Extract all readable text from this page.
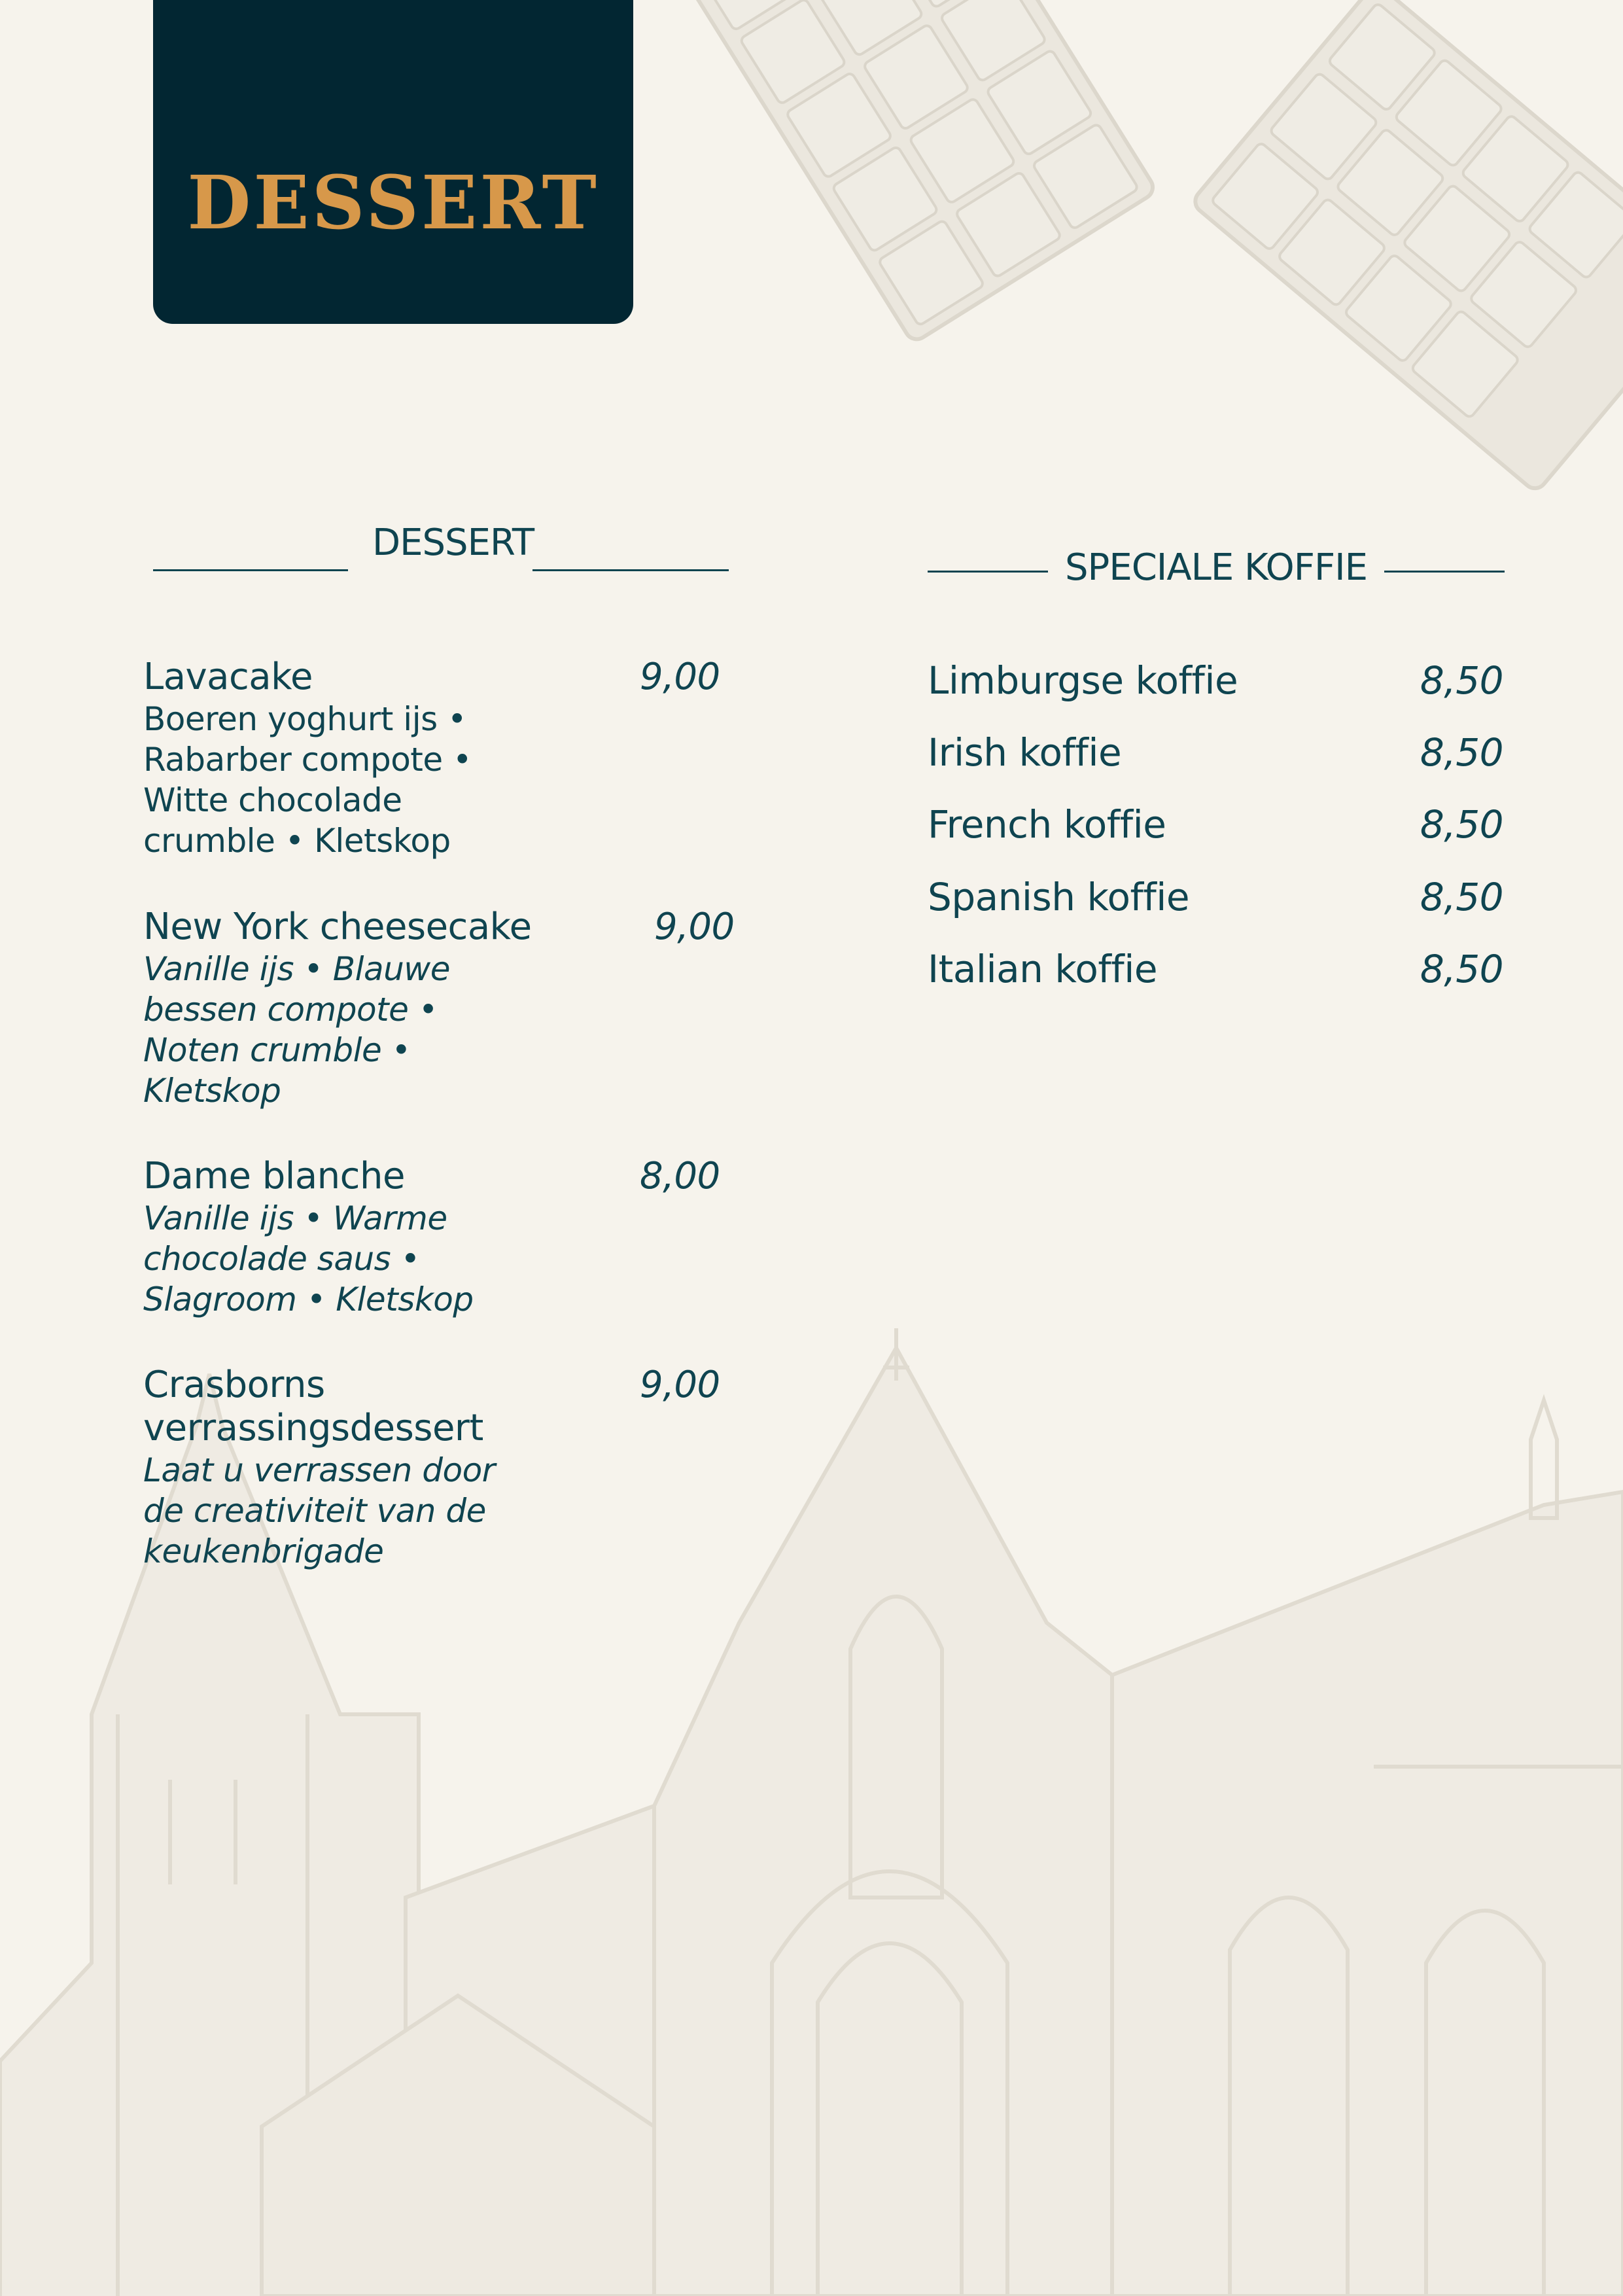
DESSERT
DESSERT
Lavacake
Boeren yoghurt ijs •
Rabarber compote •
Witte chocolade
crumble • Kletskop
9,00
New York cheesecake
Vanille ijs • Blauwe
bessen compote •
Noten crumble •
Kletskop
9,00
Dame blanche
Vanille ijs • Warme
chocolade saus •
Slagroom • Kletskop
8,00
Crasborns
verrassingsdessert
Laat u verrassen door
de creativiteit van de
keukenbrigade
9,00
SPECIALE KOFFIE
Limburgse koffie	8,50
Irish koffie	8,50
French koffie	8,50
Spanish koffie	8,50
Italian koffie	8,50
